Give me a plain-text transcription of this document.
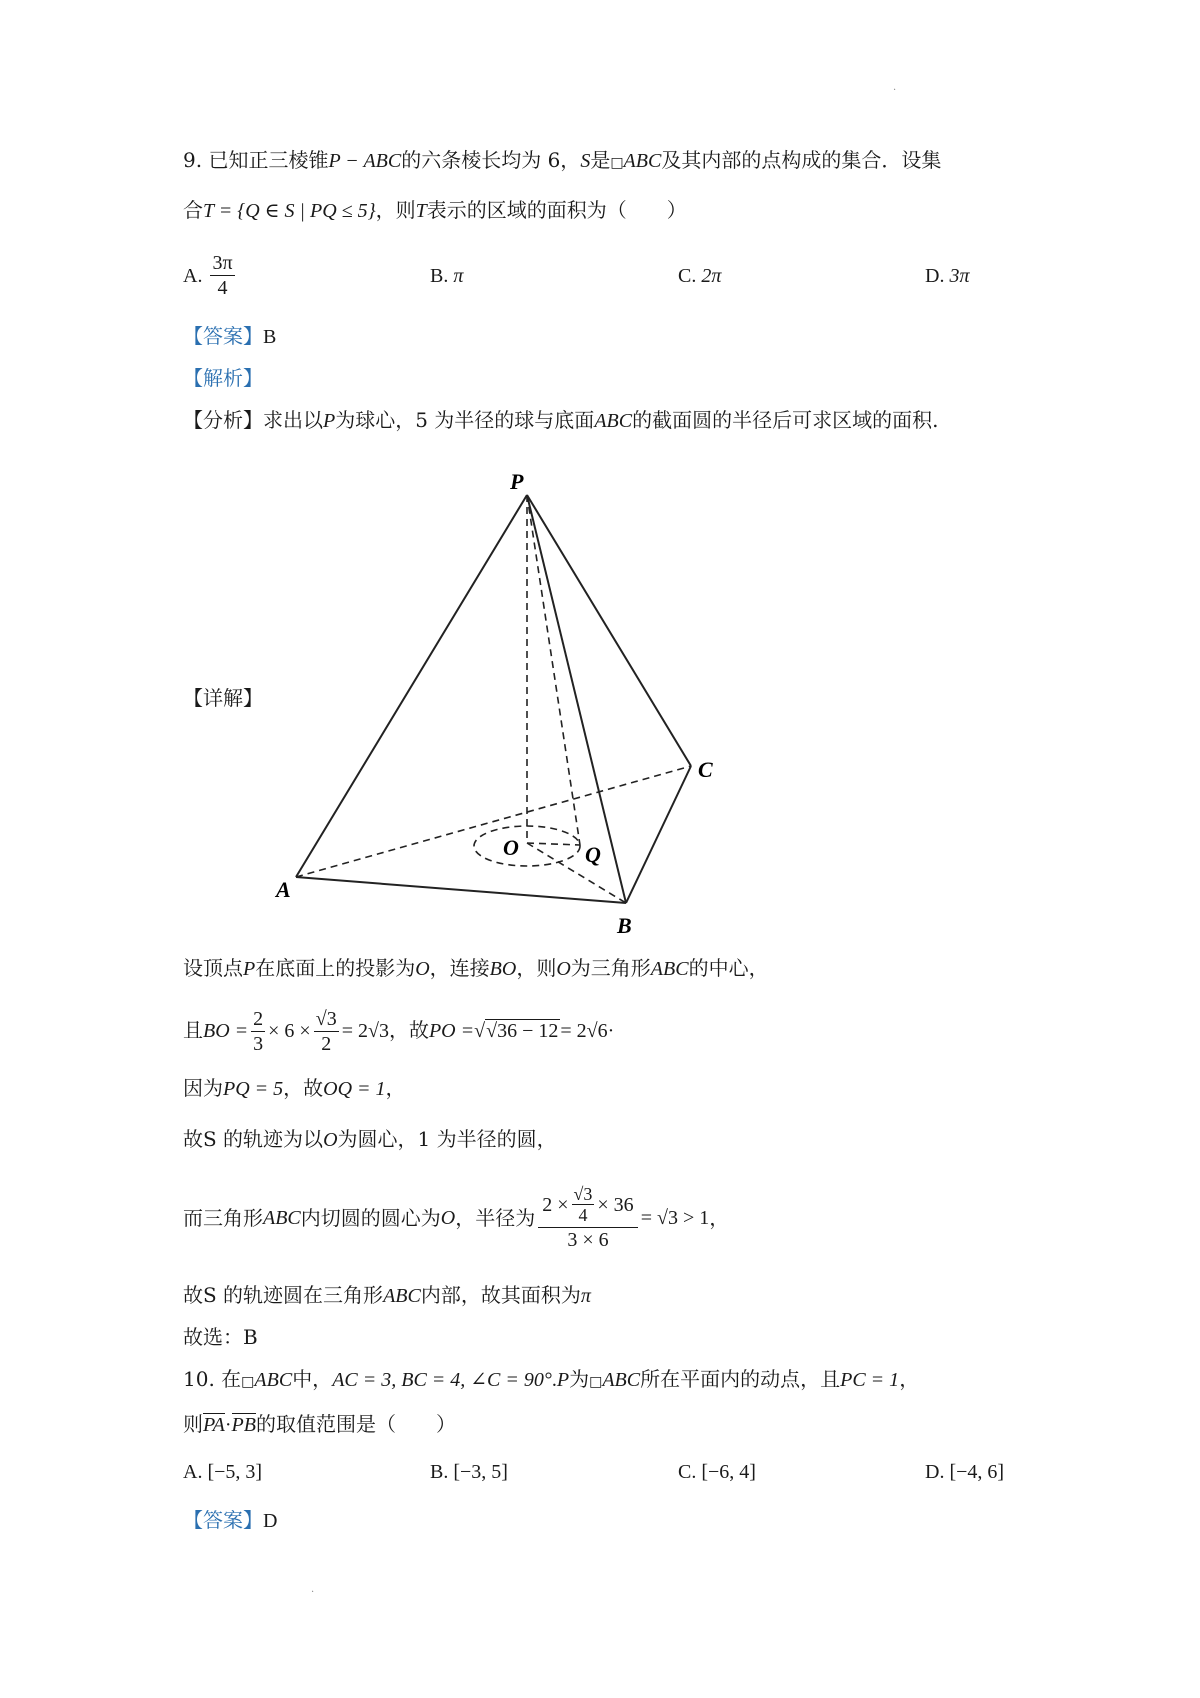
.
9. 已知正三棱锥P − ABC的六条棱长均为 6，S是□ABC及其内部的点构成的集合．设集
合T = {Q ∈ S | PQ ≤ 5}，则T表示的区域的面积为（　　）
A. $\frac{3\pi}{4}$	B. π	C. 2π	D. 3π
【答案】B
【解析】
【分析】求出以P为球心，5 为半径的球与底面ABC的截面圆的半径后可求区域的面积.
【详解】
P
A
B
C
O	Q
设顶点P在底面上的投影为O，连接BO，则O为三角形ABC的中心，
且BO = $\frac{2}{3} \times 6 \times \frac{√3}{2} = 2√3$，故PO =√√36 − 12 = 2√6·
因为PQ = 5，故OQ = 1，
故S 的轨迹为以O为圆心，1 为半径的圆，
而三角形 ABC 内切圆的圆心为 O ，半径为 $\frac{2 \times \frac{√3}{4} \times 36}{3 \times 6} = √3 > 1$ ，
故S 的轨迹圆在三角形ABC内部，故其面积为π
故选：B
10. 在□ABC中，AC = 3, BC = 4, ∠C = 90°.P为□ABC所在平面内的动点，且PC = 1，
则PA·PB的取值范围是（　　）
A. [−5, 3]	B. [−3, 5]	C. [−6, 4]	D. [−4, 6]
【答案】D
.
